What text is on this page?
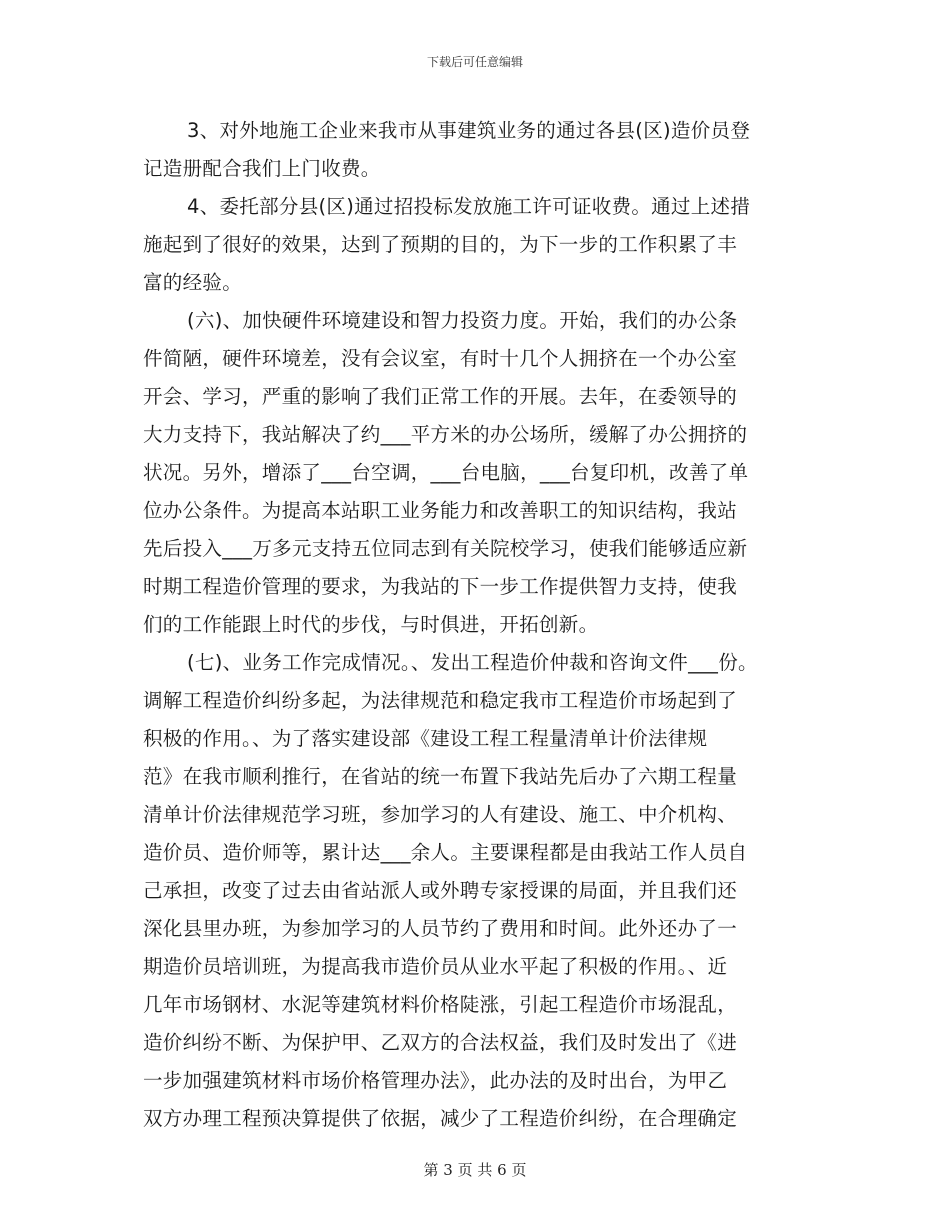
下载后可任意编辑
3、对外地施工企业来我市从事建筑业务的通过各县(区)造价员登
记造册配合我们上门收费。
4、委托部分县(区)通过招投标发放施工许可证收费。通过上述措
施起到了很好的效果，达到了预期的目的，为下一步的工作积累了丰
富的经验。
(六)、加快硬件环境建设和智力投资力度。开始，我们的办公条
件简陋，硬件环境差，没有会议室，有时十几个人拥挤在一个办公室
开会、学习，严重的影响了我们正常工作的开展。去年，在委领导的
大力支持下，我站解决了约___平方米的办公场所，缓解了办公拥挤的
状况。另外，增添了___台空调，___台电脑，___台复印机，改善了单
位办公条件。为提高本站职工业务能力和改善职工的知识结构，我站
先后投入___万多元支持五位同志到有关院校学习，使我们能够适应新
时期工程造价管理的要求，为我站的下一步工作提供智力支持，使我
们的工作能跟上时代的步伐，与时俱进，开拓创新。
(七)、业务工作完成情况。、发出工程造价仲裁和咨询文件___份。
调解工程造价纠纷多起，为法律规范和稳定我市工程造价市场起到了
积极的作用。、为了落实建设部《建设工程工程量清单计价法律规
范》在我市顺利推行，在省站的统一布置下我站先后办了六期工程量
清单计价法律规范学习班，参加学习的人有建设、施工、中介机构、
造价员、造价师等，累计达___余人。主要课程都是由我站工作人员自
己承担，改变了过去由省站派人或外聘专家授课的局面，并且我们还
深化县里办班，为参加学习的人员节约了费用和时间。此外还办了一
期造价员培训班，为提高我市造价员从业水平起了积极的作用。、近
几年市场钢材、水泥等建筑材料价格陡涨，引起工程造价市场混乱，
造价纠纷不断、为保护甲、乙双方的合法权益，我们及时发出了《进
一步加强建筑材料市场价格管理办法》，此办法的及时出台，为甲乙
双方办理工程预决算提供了依据，减少了工程造价纠纷，在合理确定
第 3 页 共 6 页
